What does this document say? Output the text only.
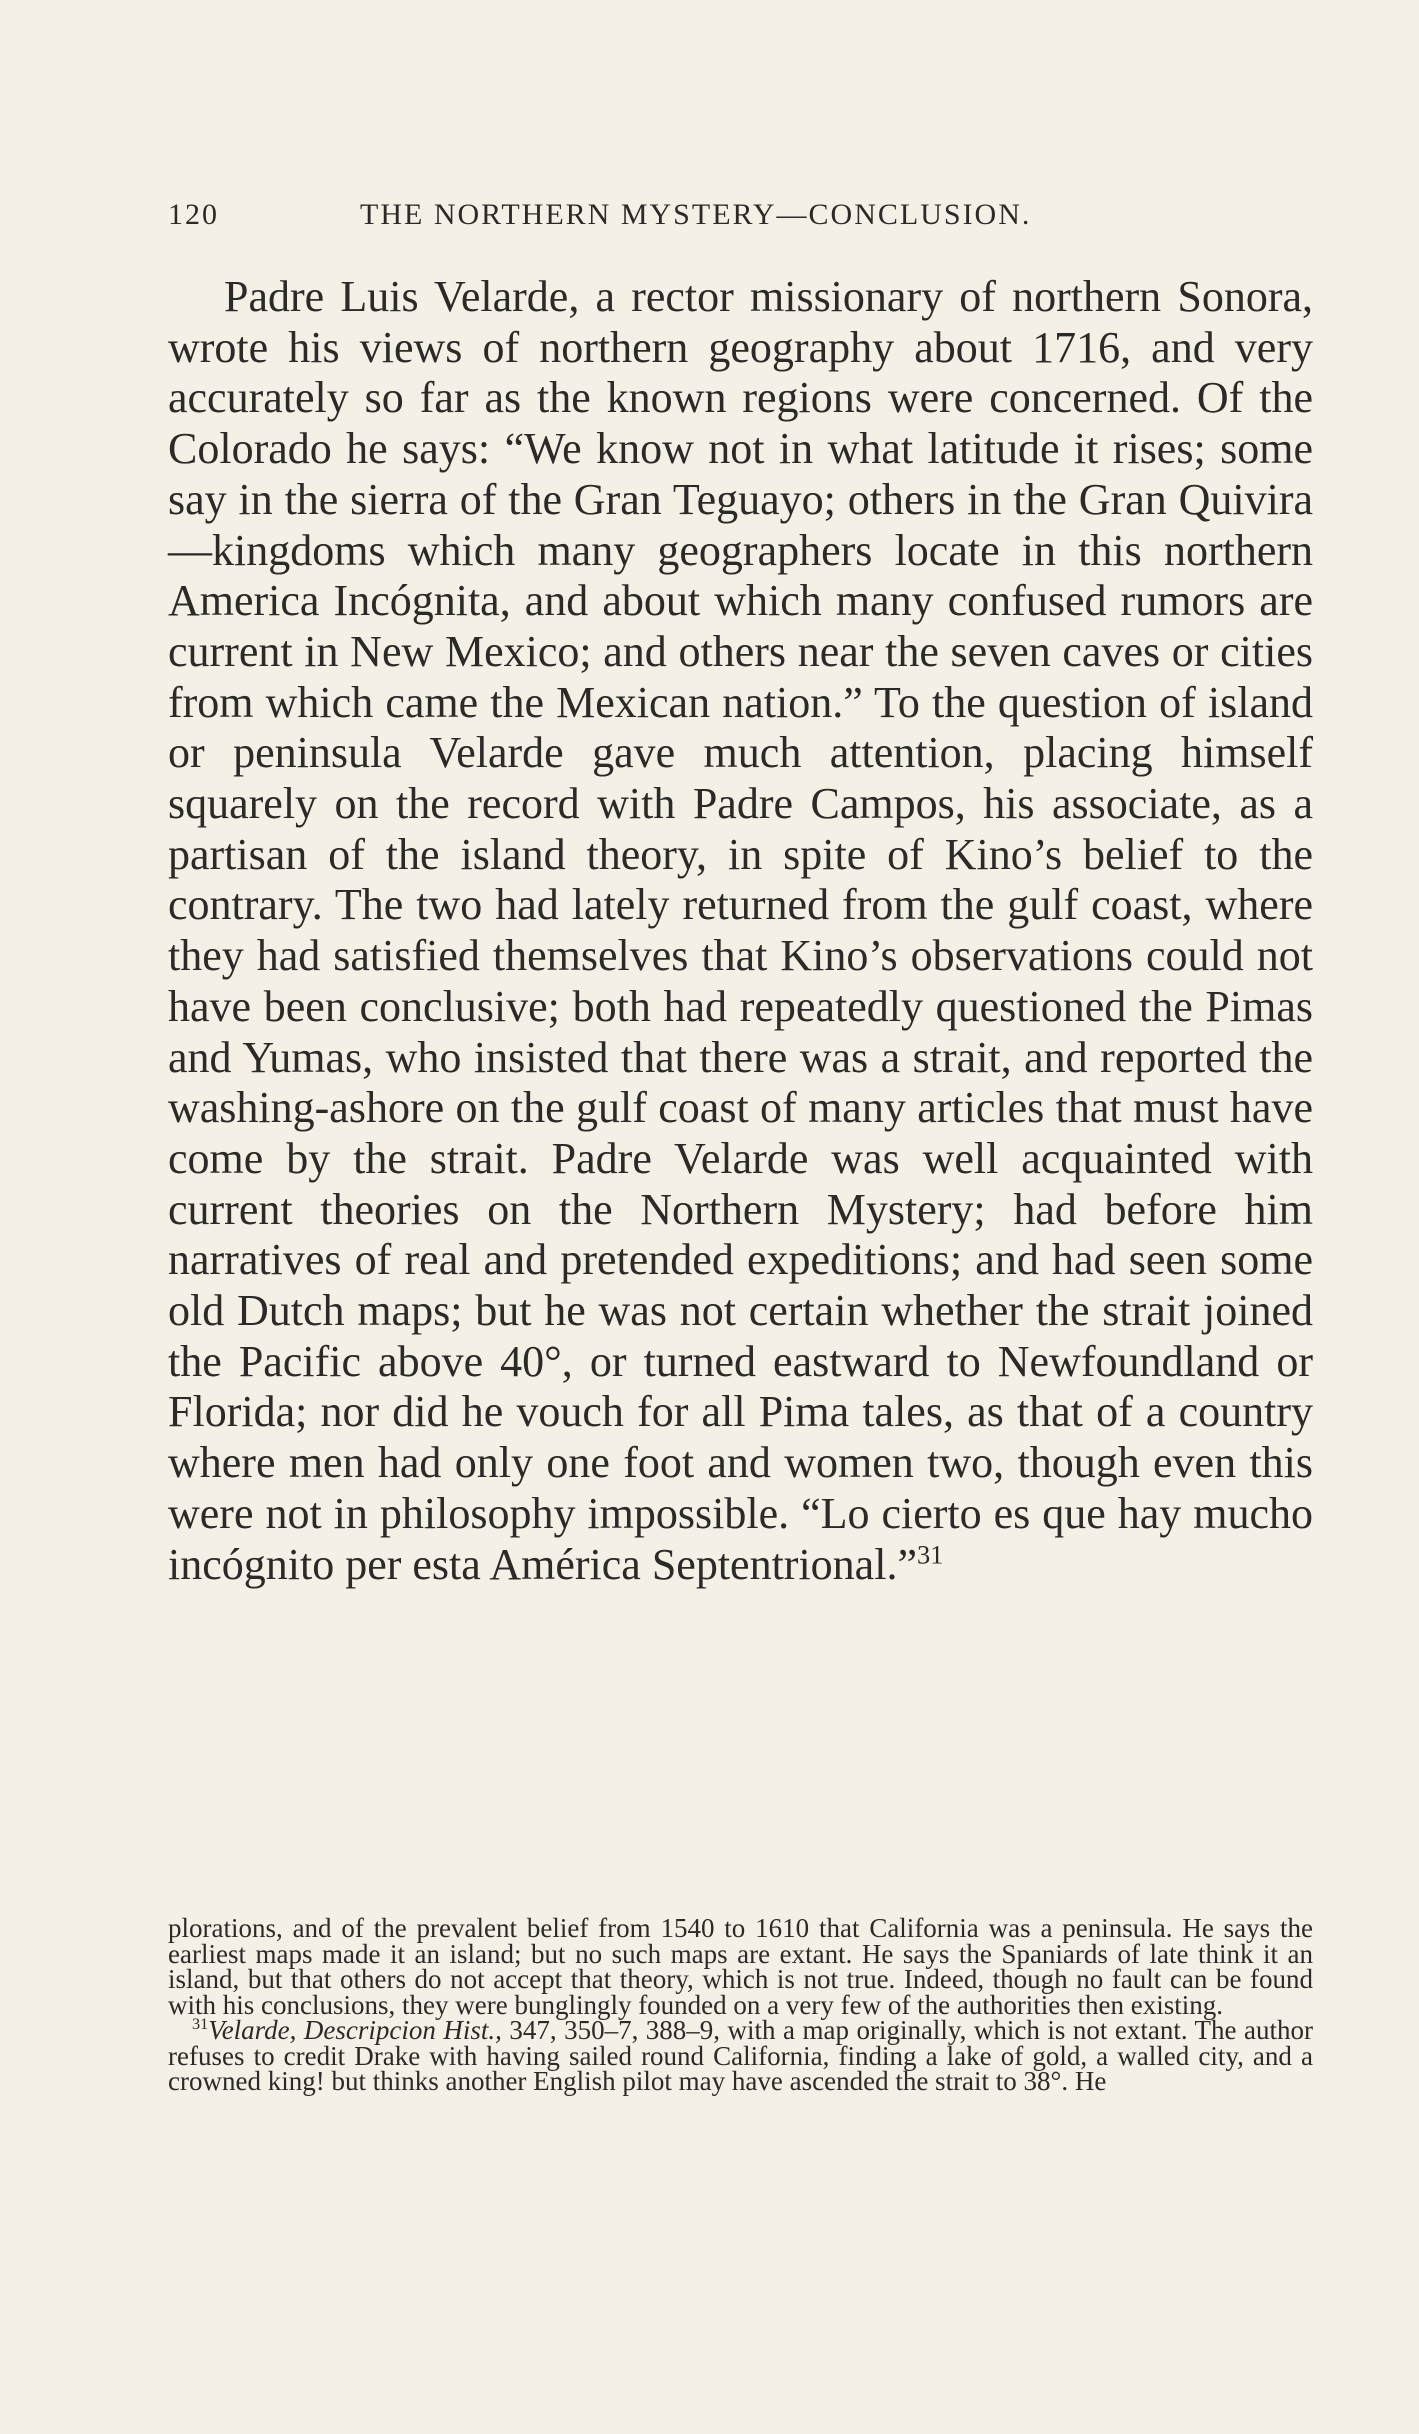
120	THE NORTHERN MYSTERY—CONCLUSION.

Padre Luis Velarde, a rector missionary of northern Sonora, wrote his views of northern geography about 1716, and very accurately so far as the known regions were concerned. Of the Colorado he says: “We know not in what latitude it rises; some say in the sierra of the Gran Teguayo; others in the Gran Quivira—kingdoms which many geographers locate in this northern America Incógnita, and about which many confused rumors are current in New Mexico; and others near the seven caves or cities from which came the Mexican nation.” To the question of island or peninsula Velarde gave much attention, placing himself squarely on the record with Padre Campos, his associate, as a partisan of the island theory, in spite of Kino’s belief to the contrary. The two had lately returned from the gulf coast, where they had satisfied themselves that Kino’s observations could not have been conclusive; both had repeatedly questioned the Pimas and Yumas, who insisted that there was a strait, and reported the washing-ashore on the gulf coast of many articles that must have come by the strait. Padre Velarde was well acquainted with current theories on the Northern Mystery; had before him narratives of real and pretended expeditions; and had seen some old Dutch maps; but he was not certain whether the strait joined the Pacific above 40°, or turned eastward to Newfoundland or Florida; nor did he vouch for all Pima tales, as that of a country where men had only one foot and women two, though even this were not in philosophy impossible. “Lo cierto es que hay mucho incógnito per esta América Septentrional.”$^{31}$

plorations, and of the prevalent belief from 1540 to 1610 that California was a peninsula. He says the earliest maps made it an island; but no such maps are extant. He says the Spaniards of late think it an island, but that others do not accept that theory, which is not true. Indeed, though no fault can be found with his conclusions, they were bunglingly founded on a very few of the authorities then existing.

$^{31}$Velarde, Descripcion Hist., 347, 350–7, 388–9, with a map originally, which is not extant. The author refuses to credit Drake with having sailed round California, finding a lake of gold, a walled city, and a crowned king! but thinks another English pilot may have ascended the strait to 38°. He
